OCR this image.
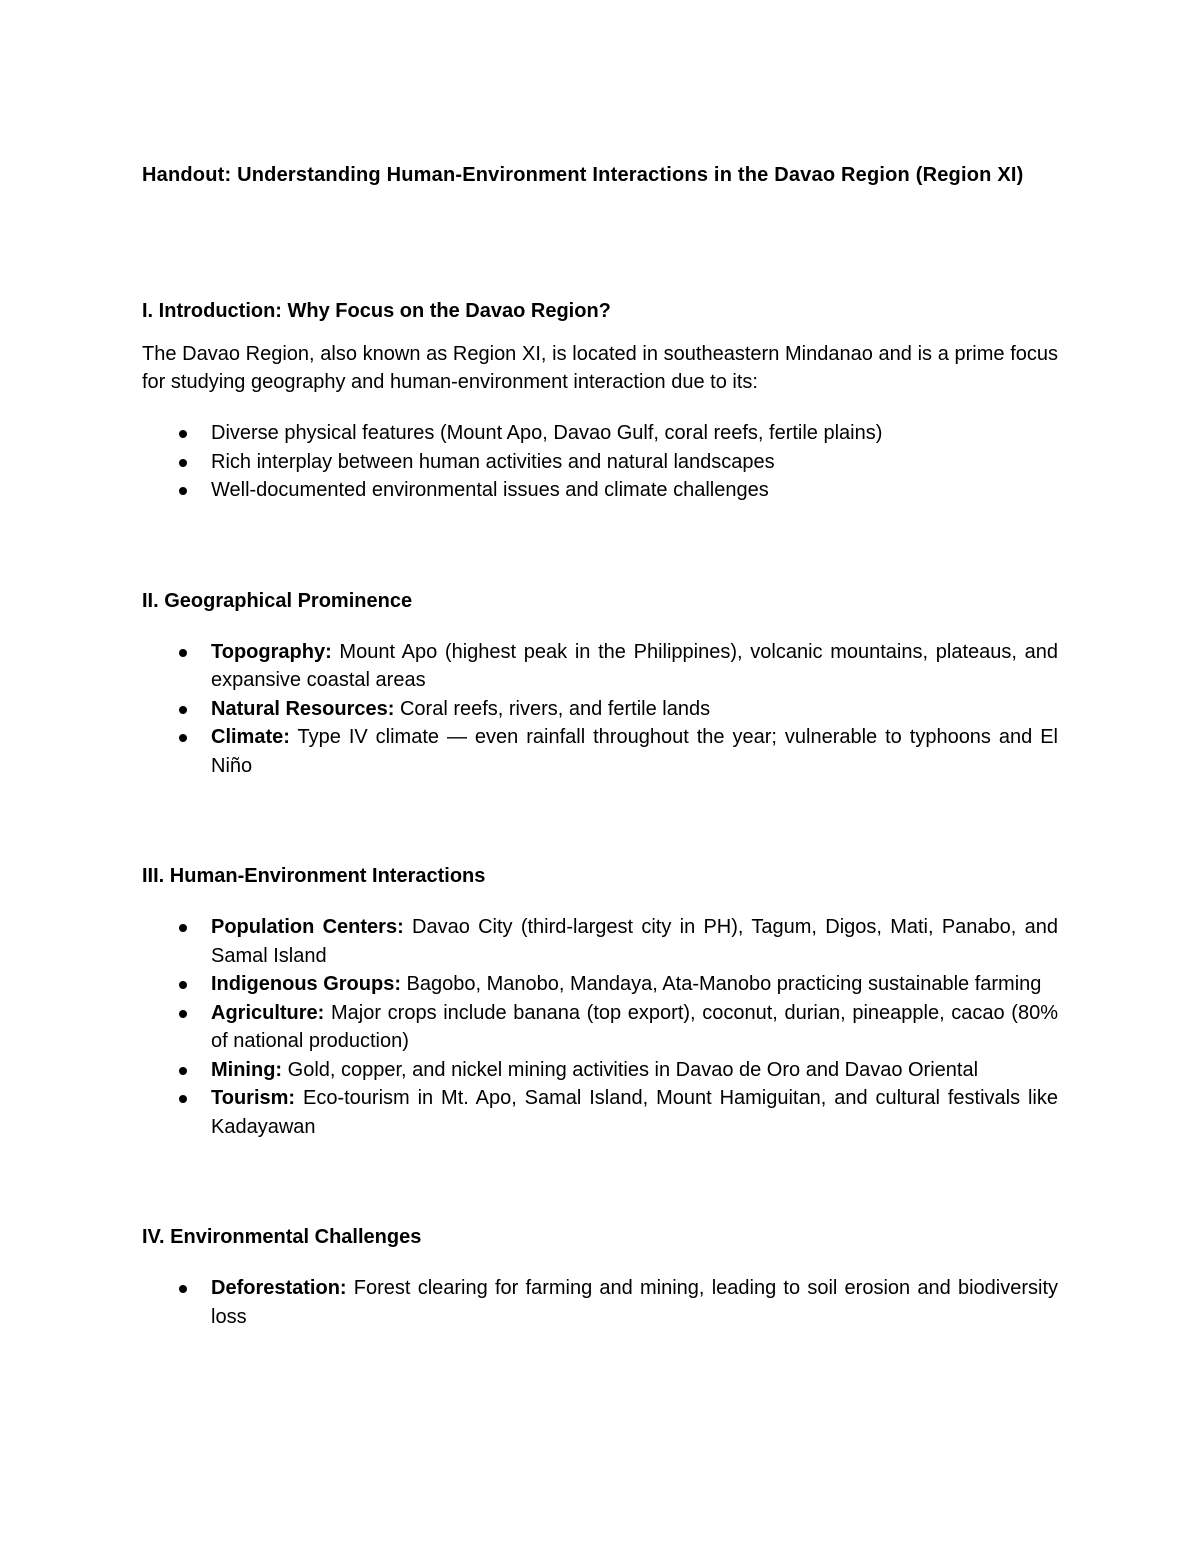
Handout: Understanding Human-Environment Interactions in the Davao Region (Region XI)
I. Introduction: Why Focus on the Davao Region?

The Davao Region, also known as Region XI, is located in southeastern Mindanao and is a prime focus for studying geography and human-environment interaction due to its:

Diverse physical features (Mount Apo, Davao Gulf, coral reefs, fertile plains)
Rich interplay between human activities and natural landscapes
Well-documented environmental issues and climate challenges
II. Geographical Prominence
Topography: Mount Apo (highest peak in the Philippines), volcanic mountains, plateaus, and expansive coastal areas
Natural Resources: Coral reefs, rivers, and fertile lands
Climate: Type IV climate — even rainfall throughout the year; vulnerable to typhoons and El Niño
III. Human-Environment Interactions
Population Centers: Davao City (third-largest city in PH), Tagum, Digos, Mati, Panabo, and Samal Island
Indigenous Groups: Bagobo, Manobo, Mandaya, Ata-Manobo practicing sustainable farming
Agriculture: Major crops include banana (top export), coconut, durian, pineapple, cacao (80% of national production)
Mining: Gold, copper, and nickel mining activities in Davao de Oro and Davao Oriental
Tourism: Eco-tourism in Mt. Apo, Samal Island, Mount Hamiguitan, and cultural festivals like Kadayawan
IV. Environmental Challenges
Deforestation: Forest clearing for farming and mining, leading to soil erosion and biodiversity loss
